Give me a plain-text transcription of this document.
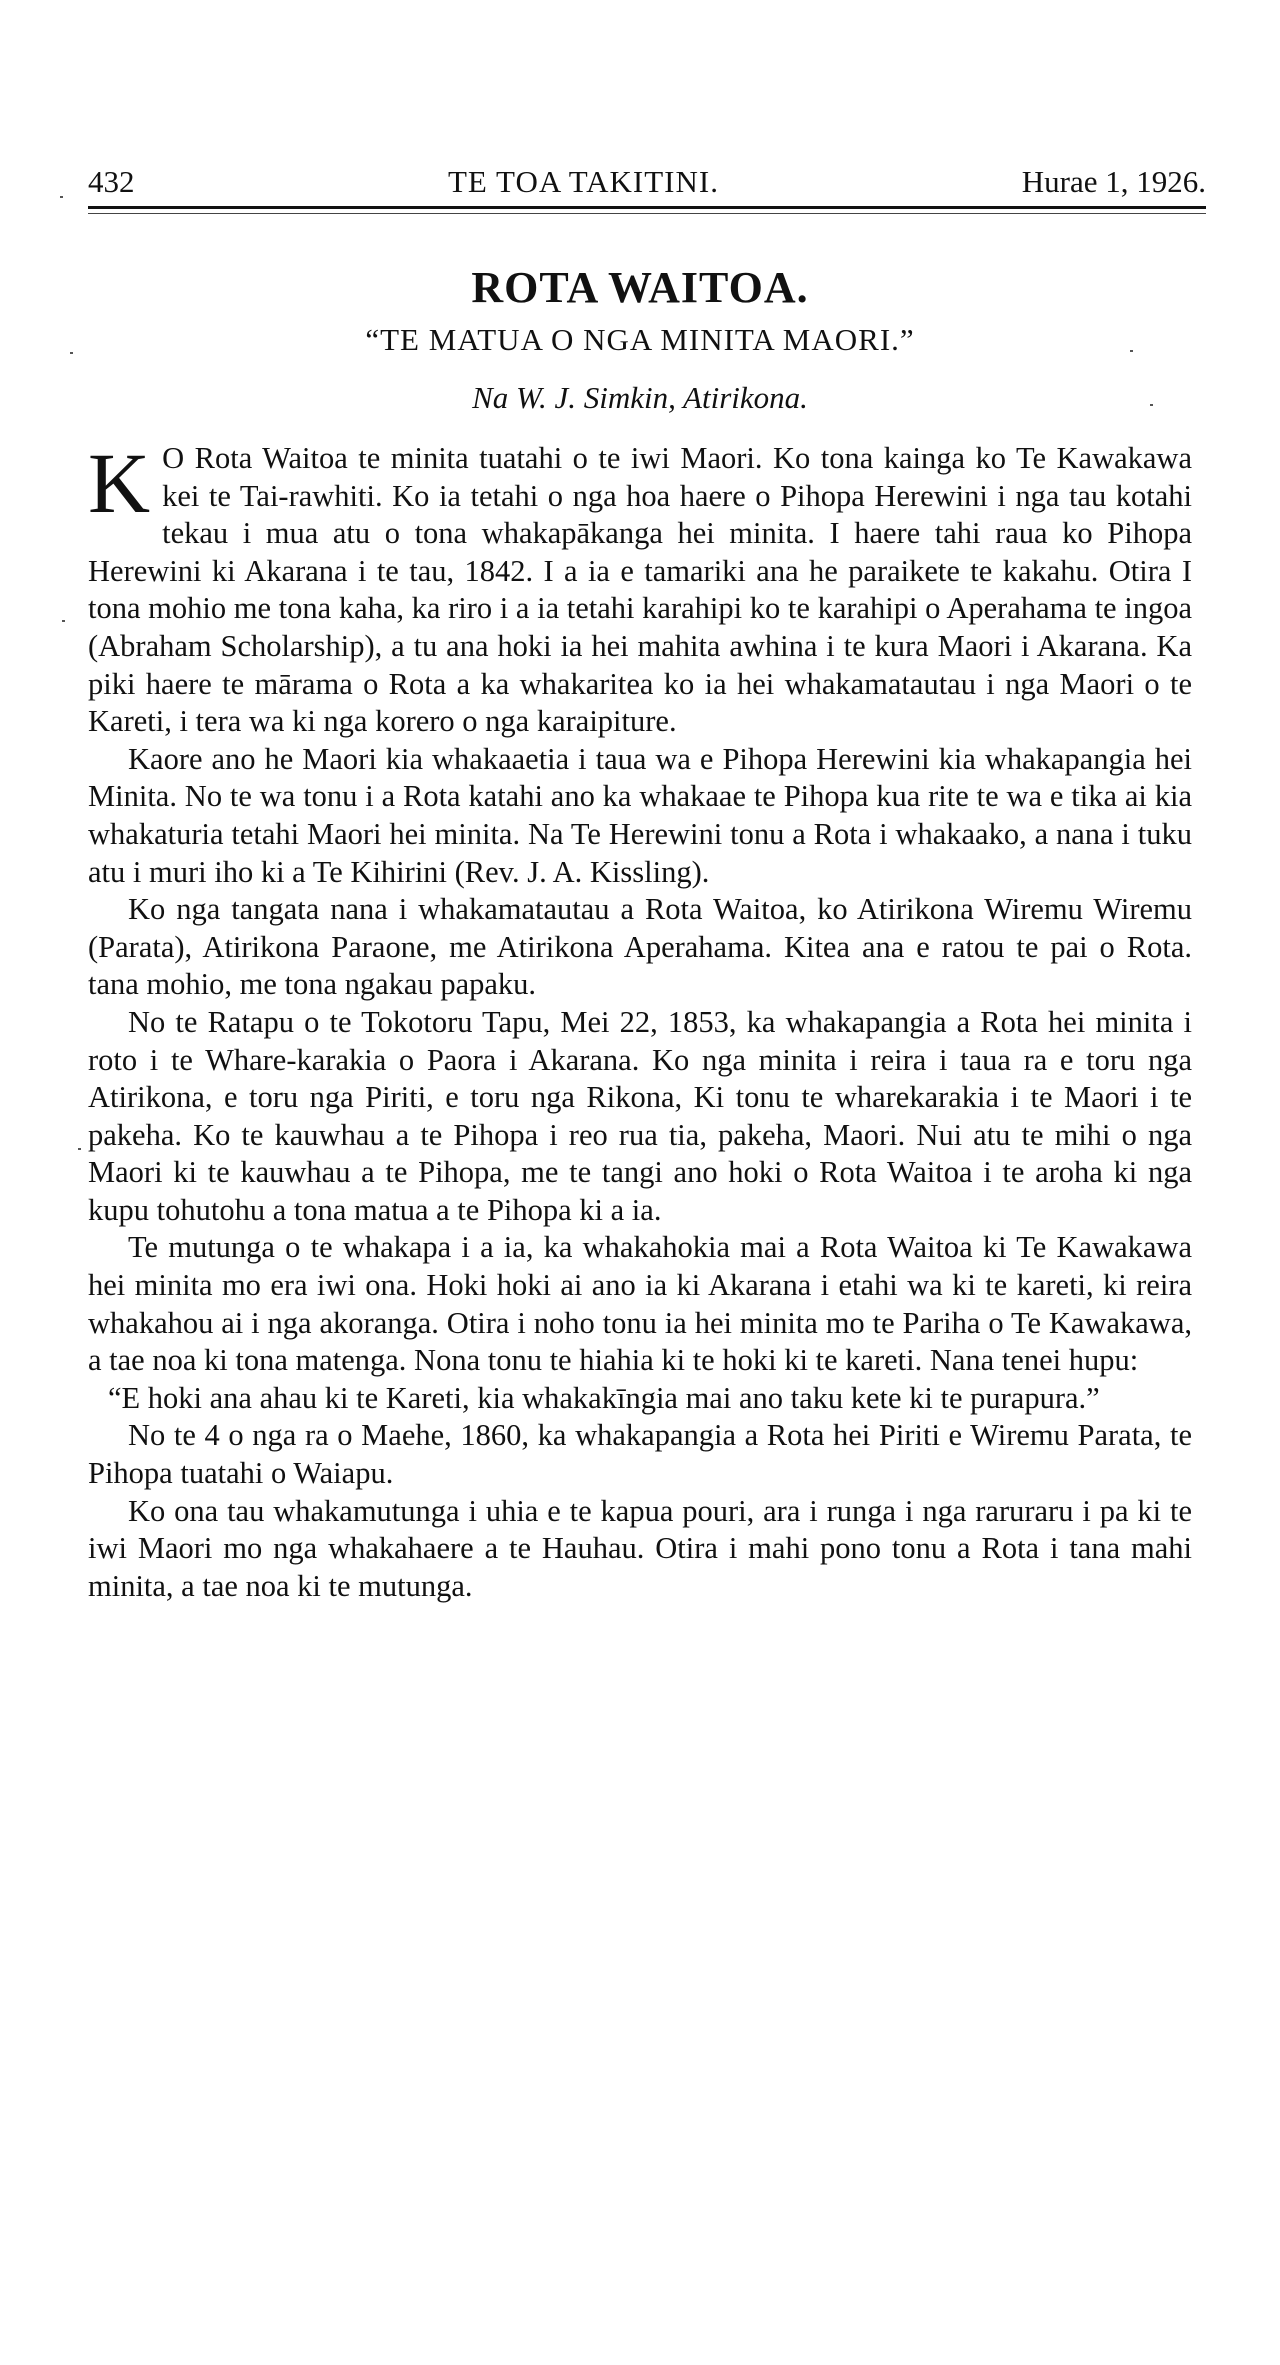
432	TE TOA TAKITINI.	Hurae 1, 1926.
ROTA WAITOA.
“TE MATUA O NGA MINITA MAORI.”
Na W. J. Simkin, Atirikona.

K O Rota Waitoa te minita tuatahi o te iwi Maori. Ko tona kainga ko Te Kawakawa kei te Tai-rawhiti. Ko ia tetahi o nga hoa haere o Pihopa Herewini i nga tau kotahi tekau i mua atu o tona whakapākanga hei minita. I haere tahi raua ko Pihopa Herewini ki Akarana i te tau, 1842. I a ia e tamariki ana he paraikete te kakahu. Otira I tona mohio me tona kaha, ka riro i a ia tetahi karahipi ko te karahipi o Aperahama te ingoa (Abraham Scholarship), a tu ana hoki ia hei mahita awhina i te kura Maori i Akarana. Ka piki haere te mārama o Rota a ka whakaritea ko ia hei whakamatautau i nga Maori o te Kareti, i tera wa ki nga korero o nga karaipiture.

Kaore ano he Maori kia whakaaetia i taua wa e Pihopa Herewini kia whakapangia hei Minita. No te wa tonu i a Rota katahi ano ka whakaae te Pihopa kua rite te wa e tika ai kia whakaturia tetahi Maori hei minita. Na Te Herewini tonu a Rota i whakaako, a nana i tuku atu i muri iho ki a Te Kihirini (Rev. J. A. Kissling).

Ko nga tangata nana i whakamatautau a Rota Waitoa, ko Atirikona Wiremu Wiremu (Parata), Atirikona Paraone, me Atirikona Aperahama. Kitea ana e ratou te pai o Rota. tana mohio, me tona ngakau papaku.

No te Ratapu o te Tokotoru Tapu, Mei 22, 1853, ka whakapangia a Rota hei minita i roto i te Whare-karakia o Paora i Akarana. Ko nga minita i reira i taua ra e toru nga Atirikona, e toru nga Piriti, e toru nga Rikona, Ki tonu te wharekarakia i te Maori i te pakeha. Ko te kauwhau a te Pihopa i reo rua tia, pakeha, Maori. Nui atu te mihi o nga Maori ki te kauwhau a te Pihopa, me te tangi ano hoki o Rota Waitoa i te aroha ki nga kupu tohutohu a tona matua a te Pihopa ki a ia.

Te mutunga o te whakapa i a ia, ka whakahokia mai a Rota Waitoa ki Te Kawakawa hei minita mo era iwi ona. Hoki hoki ai ano ia ki Akarana i etahi wa ki te kareti, ki reira whakahou ai i nga akoranga. Otira i noho tonu ia hei minita mo te Pariha o Te Kawakawa, a tae noa ki tona matenga. Nona tonu te hiahia ki te hoki ki te kareti. Nana tenei hupu:

“E hoki ana ahau ki te Kareti, kia whakakīngia mai ano taku kete ki te purapura.”

No te 4 o nga ra o Maehe, 1860, ka whakapangia a Rota hei Piriti e Wiremu Parata, te Pihopa tuatahi o Waiapu.

Ko ona tau whakamutunga i uhia e te kapua pouri, ara i runga i nga raruraru i pa ki te iwi Maori mo nga whakahaere a te Hauhau. Otira i mahi pono tonu a Rota i tana mahi minita, a tae noa ki te mutunga.
